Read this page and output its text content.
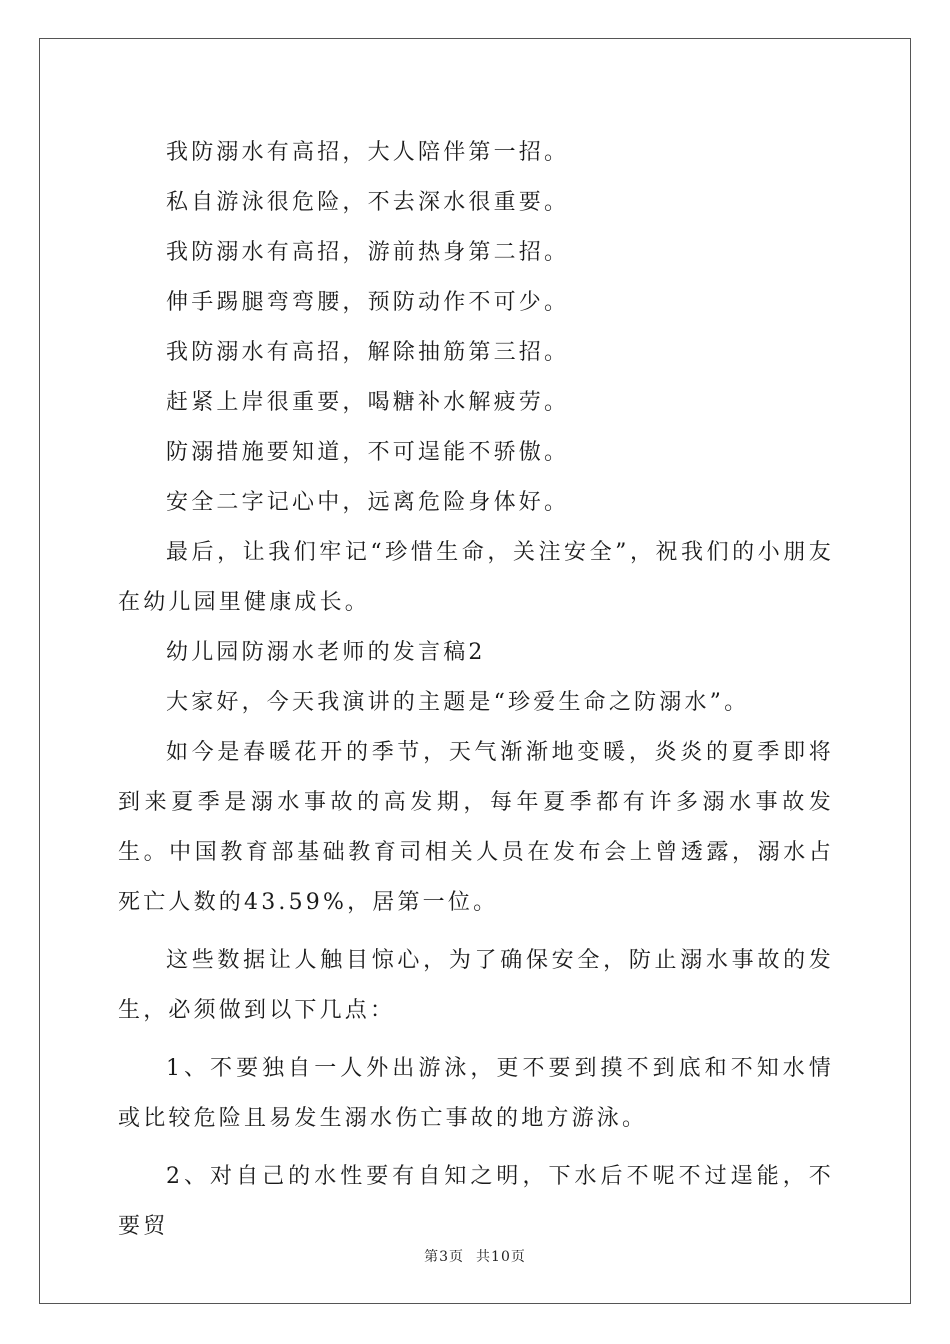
我防溺水有高招，大人陪伴第一招。

私自游泳很危险，不去深水很重要。

我防溺水有高招，游前热身第二招。

伸手踢腿弯弯腰，预防动作不可少。

我防溺水有高招，解除抽筋第三招。

赶紧上岸很重要，喝糖补水解疲劳。

防溺措施要知道，不可逞能不骄傲。

安全二字记心中，远离危险身体好。

最后，让我们牢记“珍惜生命，关注安全”，祝我们的小朋友在幼儿园里健康成长。

幼儿园防溺水老师的发言稿2

大家好，今天我演讲的主题是“珍爱生命之防溺水”。

如今是春暖花开的季节，天气渐渐地变暖，炎炎的夏季即将到来夏季是溺水事故的高发期，每年夏季都有许多溺水事故发生。中国教育部基础教育司相关人员在发布会上曾透露，溺水占死亡人数的43.59%，居第一位。

这些数据让人触目惊心，为了确保安全，防止溺水事故的发生，必须做到以下几点：

1、不要独自一人外出游泳，更不要到摸不到底和不知水情或比较危险且易发生溺水伤亡事故的地方游泳。

2、对自己的水性要有自知之明，下水后不呢不过逞能，不要贸

第3页 共10页
